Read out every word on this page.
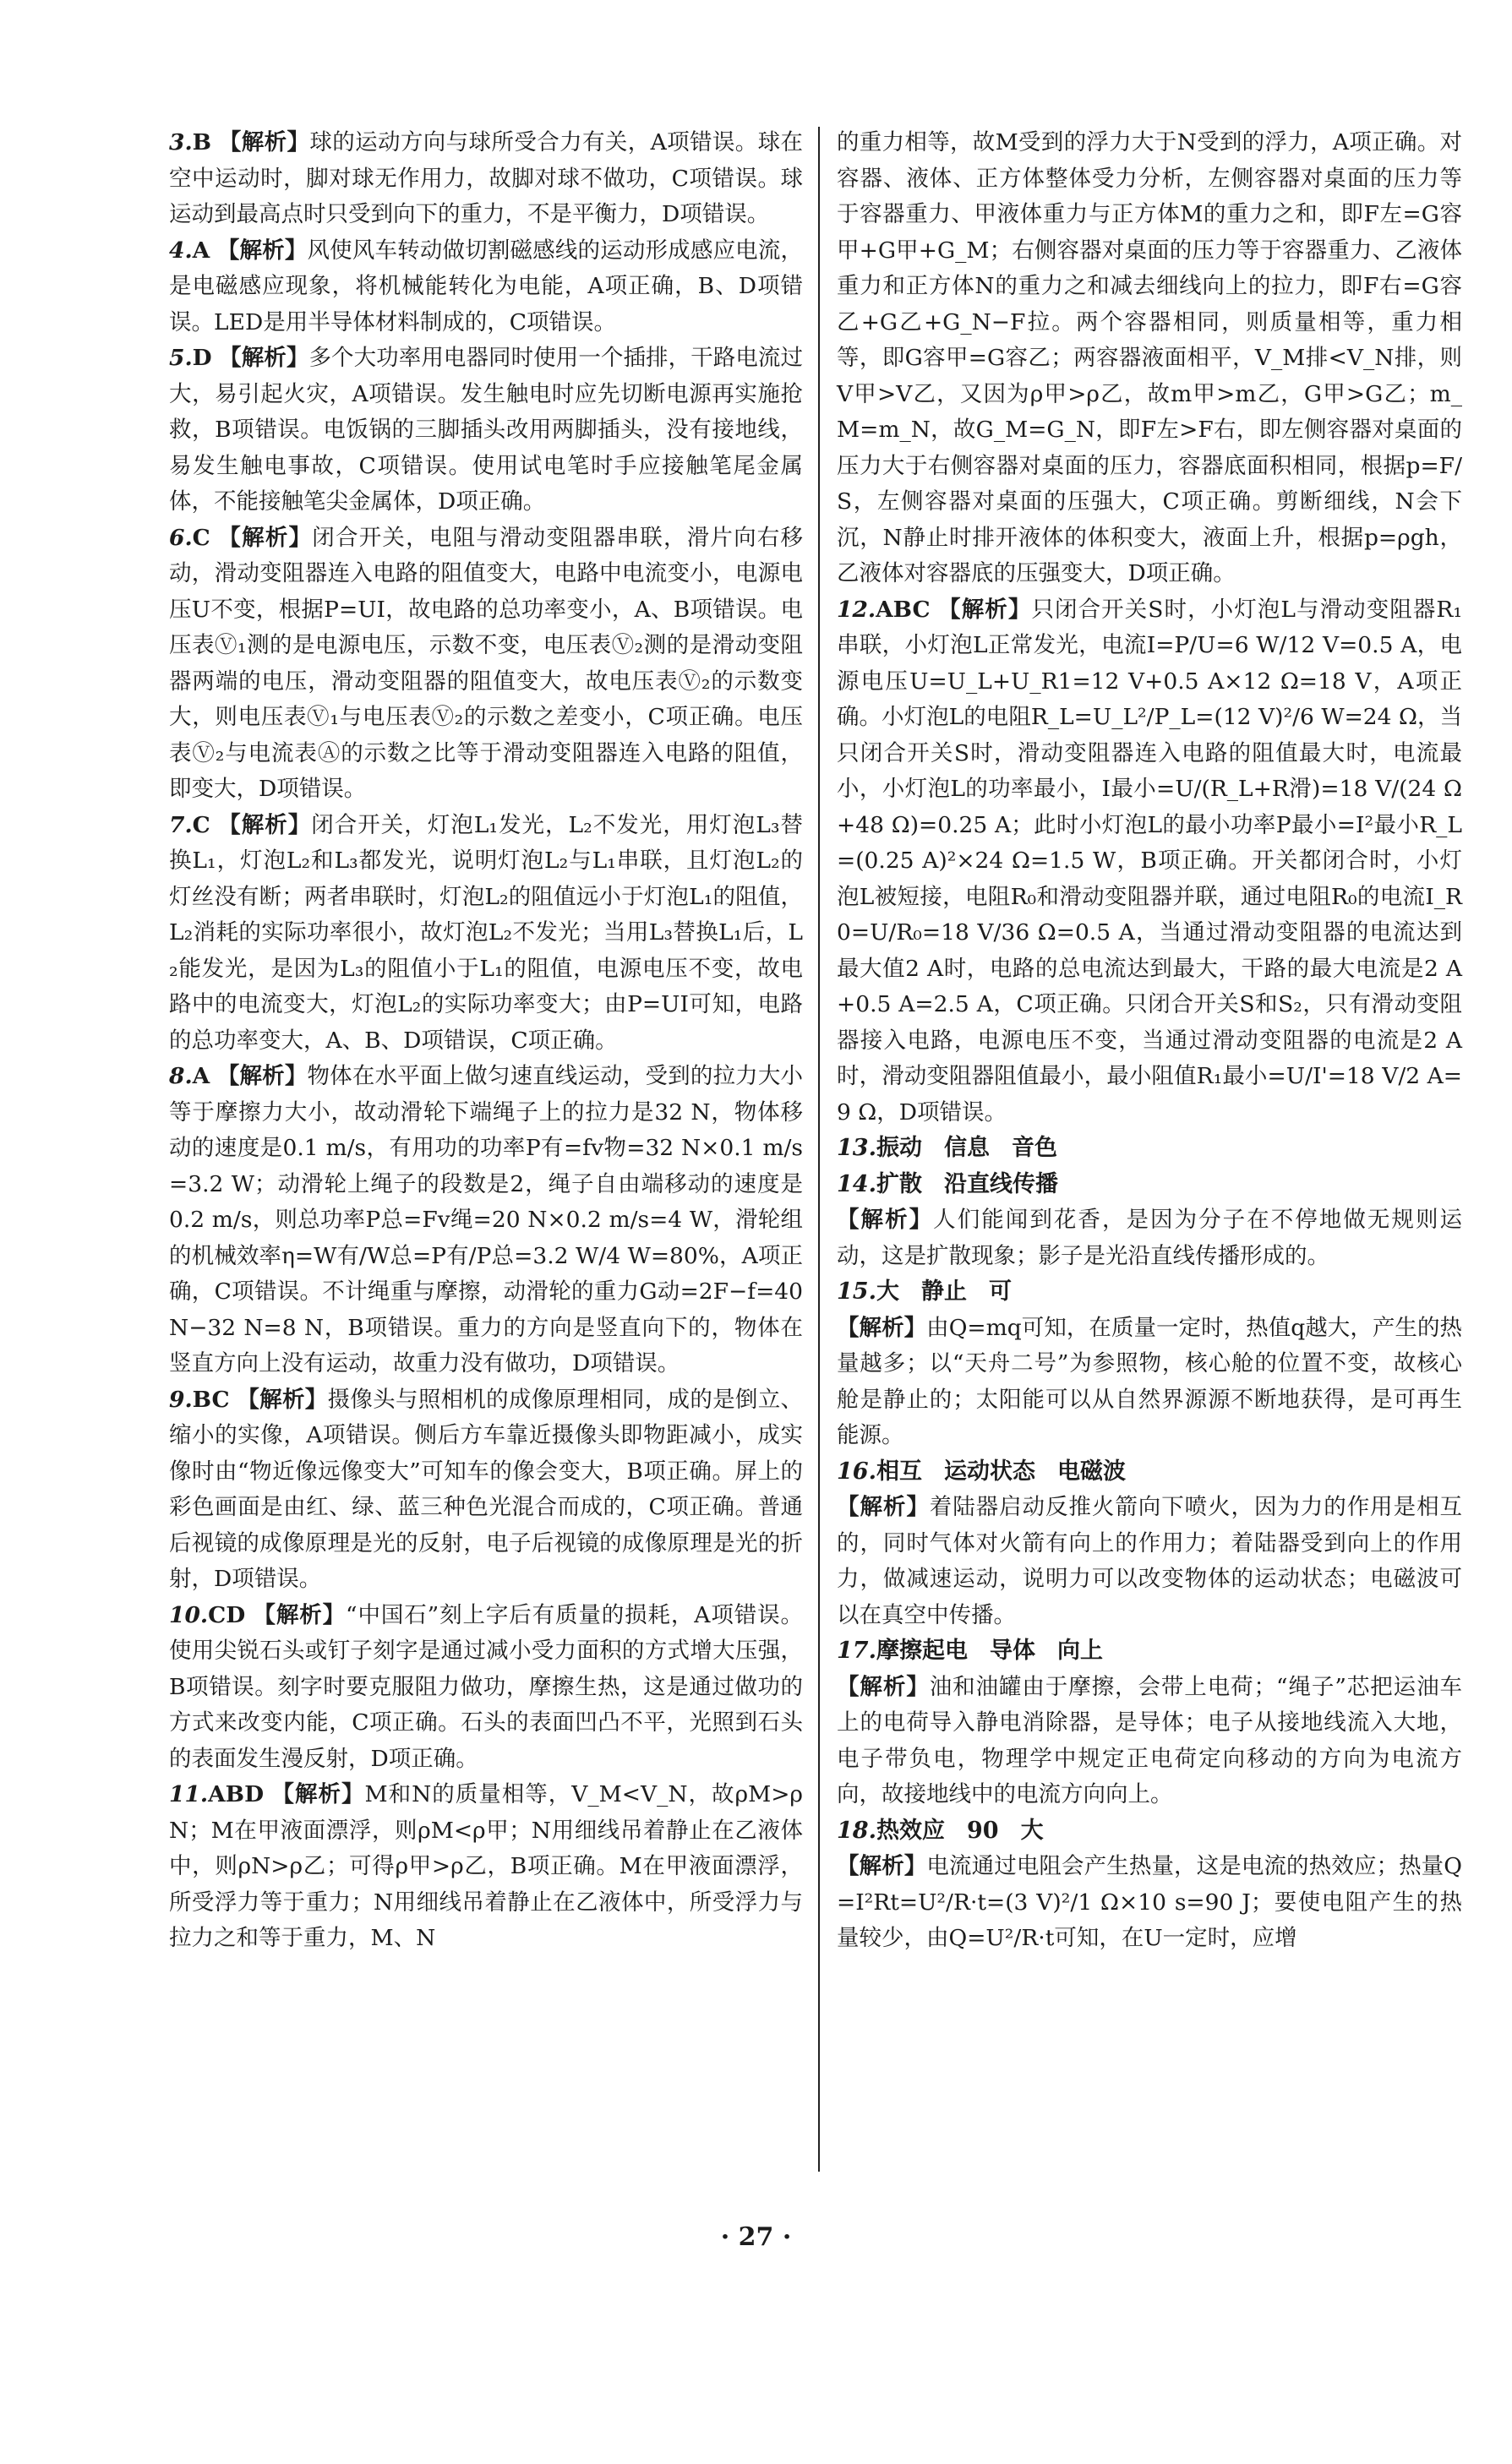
3.B 【解析】球的运动方向与球所受合力有关，A项错误。球在空中运动时，脚对球无作用力，故脚对球不做功，C项错误。球运动到最高点时只受到向下的重力，不是平衡力，D项错误。

4.A 【解析】风使风车转动做切割磁感线的运动形成感应电流，是电磁感应现象，将机械能转化为电能，A项正确，B、D项错误。LED是用半导体材料制成的，C项错误。

5.D 【解析】多个大功率用电器同时使用一个插排，干路电流过大，易引起火灾，A项错误。发生触电时应先切断电源再实施抢救，B项错误。电饭锅的三脚插头改用两脚插头，没有接地线，易发生触电事故，C项错误。使用试电笔时手应接触笔尾金属体，不能接触笔尖金属体，D项正确。

6.C 【解析】闭合开关，电阻与滑动变阻器串联，滑片向右移动，滑动变阻器连入电路的阻值变大，电路中电流变小，电源电压U不变，根据P=UI，故电路的总功率变小，A、B项错误。电压表Ⓥ₁测的是电源电压，示数不变，电压表Ⓥ₂测的是滑动变阻器两端的电压，滑动变阻器的阻值变大，故电压表Ⓥ₂的示数变大，则电压表Ⓥ₁与电压表Ⓥ₂的示数之差变小，C项正确。电压表Ⓥ₂与电流表Ⓐ的示数之比等于滑动变阻器连入电路的阻值，即变大，D项错误。

7.C 【解析】闭合开关，灯泡L₁发光，L₂不发光，用灯泡L₃替换L₁，灯泡L₂和L₃都发光，说明灯泡L₂与L₁串联，且灯泡L₂的灯丝没有断；两者串联时，灯泡L₂的阻值远小于灯泡L₁的阻值，L₂消耗的实际功率很小，故灯泡L₂不发光；当用L₃替换L₁后，L₂能发光，是因为L₃的阻值小于L₁的阻值，电源电压不变，故电路中的电流变大，灯泡L₂的实际功率变大；由P=UI可知，电路的总功率变大，A、B、D项错误，C项正确。

8.A 【解析】物体在水平面上做匀速直线运动，受到的拉力大小等于摩擦力大小，故动滑轮下端绳子上的拉力是32 N，物体移动的速度是0.1 m/s，有用功的功率P有=fv物=32 N×0.1 m/s=3.2 W；动滑轮上绳子的段数是2，绳子自由端移动的速度是0.2 m/s，则总功率P总=Fv绳=20 N×0.2 m/s=4 W，滑轮组的机械效率η=W有/W总=P有/P总=3.2 W/4 W=80%，A项正确，C项错误。不计绳重与摩擦，动滑轮的重力G动=2F−f=40 N−32 N=8 N，B项错误。重力的方向是竖直向下的，物体在竖直方向上没有运动，故重力没有做功，D项错误。

9.BC 【解析】摄像头与照相机的成像原理相同，成的是倒立、缩小的实像，A项错误。侧后方车靠近摄像头即物距减小，成实像时由“物近像远像变大”可知车的像会变大，B项正确。屏上的彩色画面是由红、绿、蓝三种色光混合而成的，C项正确。普通后视镜的成像原理是光的反射，电子后视镜的成像原理是光的折射，D项错误。

10.CD 【解析】“中国石”刻上字后有质量的损耗，A项错误。使用尖锐石头或钉子刻字是通过减小受力面积的方式增大压强，B项错误。刻字时要克服阻力做功，摩擦生热，这是通过做功的方式来改变内能，C项正确。石头的表面凹凸不平，光照到石头的表面发生漫反射，D项正确。

11.ABD 【解析】M和N的质量相等，V_M<V_N，故ρM>ρN；M在甲液面漂浮，则ρM<ρ甲；N用细线吊着静止在乙液体中，则ρN>ρ乙；可得ρ甲>ρ乙，B项正确。M在甲液面漂浮，所受浮力等于重力；N用细线吊着静止在乙液体中，所受浮力与拉力之和等于重力，M、N

的重力相等，故M受到的浮力大于N受到的浮力，A项正确。对容器、液体、正方体整体受力分析，左侧容器对桌面的压力等于容器重力、甲液体重力与正方体M的重力之和，即F左=G容甲+G甲+G_M；右侧容器对桌面的压力等于容器重力、乙液体重力和正方体N的重力之和减去细线向上的拉力，即F右=G容乙+G乙+G_N−F拉。两个容器相同，则质量相等，重力相等，即G容甲=G容乙；两容器液面相平，V_M排<V_N排，则V甲>V乙，又因为ρ甲>ρ乙，故m甲>m乙，G甲>G乙；m_M=m_N，故G_M=G_N，即F左>F右，即左侧容器对桌面的压力大于右侧容器对桌面的压力，容器底面积相同，根据p=F/S，左侧容器对桌面的压强大，C项正确。剪断细线，N会下沉，N静止时排开液体的体积变大，液面上升，根据p=ρgh，乙液体对容器底的压强变大，D项正确。

12.ABC 【解析】只闭合开关S时，小灯泡L与滑动变阻器R₁串联，小灯泡L正常发光，电流I=P/U=6 W/12 V=0.5 A，电源电压U=U_L+U_R1=12 V+0.5 A×12 Ω=18 V，A项正确。小灯泡L的电阻R_L=U_L²/P_L=(12 V)²/6 W=24 Ω，当只闭合开关S时，滑动变阻器连入电路的阻值最大时，电流最小，小灯泡L的功率最小，I最小=U/(R_L+R滑)=18 V/(24 Ω+48 Ω)=0.25 A；此时小灯泡L的最小功率P最小=I²最小R_L=(0.25 A)²×24 Ω=1.5 W，B项正确。开关都闭合时，小灯泡L被短接，电阻R₀和滑动变阻器并联，通过电阻R₀的电流I_R0=U/R₀=18 V/36 Ω=0.5 A，当通过滑动变阻器的电流达到最大值2 A时，电路的总电流达到最大，干路的最大电流是2 A+0.5 A=2.5 A，C项正确。只闭合开关S和S₂，只有滑动变阻器接入电路，电源电压不变，当通过滑动变阻器的电流是2 A时，滑动变阻器阻值最小，最小阻值R₁最小=U/I'=18 V/2 A=9 Ω，D项错误。

13.振动 信息 音色

14.扩散 沿直线传播

【解析】人们能闻到花香，是因为分子在不停地做无规则运动，这是扩散现象；影子是光沿直线传播形成的。

15.大 静止 可

【解析】由Q=mq可知，在质量一定时，热值q越大，产生的热量越多；以“天舟二号”为参照物，核心舱的位置不变，故核心舱是静止的；太阳能可以从自然界源源不断地获得，是可再生能源。

16.相互 运动状态 电磁波

【解析】着陆器启动反推火箭向下喷火，因为力的作用是相互的，同时气体对火箭有向上的作用力；着陆器受到向上的作用力，做减速运动，说明力可以改变物体的运动状态；电磁波可以在真空中传播。

17.摩擦起电 导体 向上

【解析】油和油罐由于摩擦，会带上电荷；“绳子”芯把运油车上的电荷导入静电消除器，是导体；电子从接地线流入大地，电子带负电，物理学中规定正电荷定向移动的方向为电流方向，故接地线中的电流方向向上。

18.热效应 90 大

【解析】电流通过电阻会产生热量，这是电流的热效应；热量Q=I²Rt=U²/R·t=(3 V)²/1 Ω×10 s=90 J；要使电阻产生的热量较少，由Q=U²/R·t可知，在U一定时，应增

· 27 ·
